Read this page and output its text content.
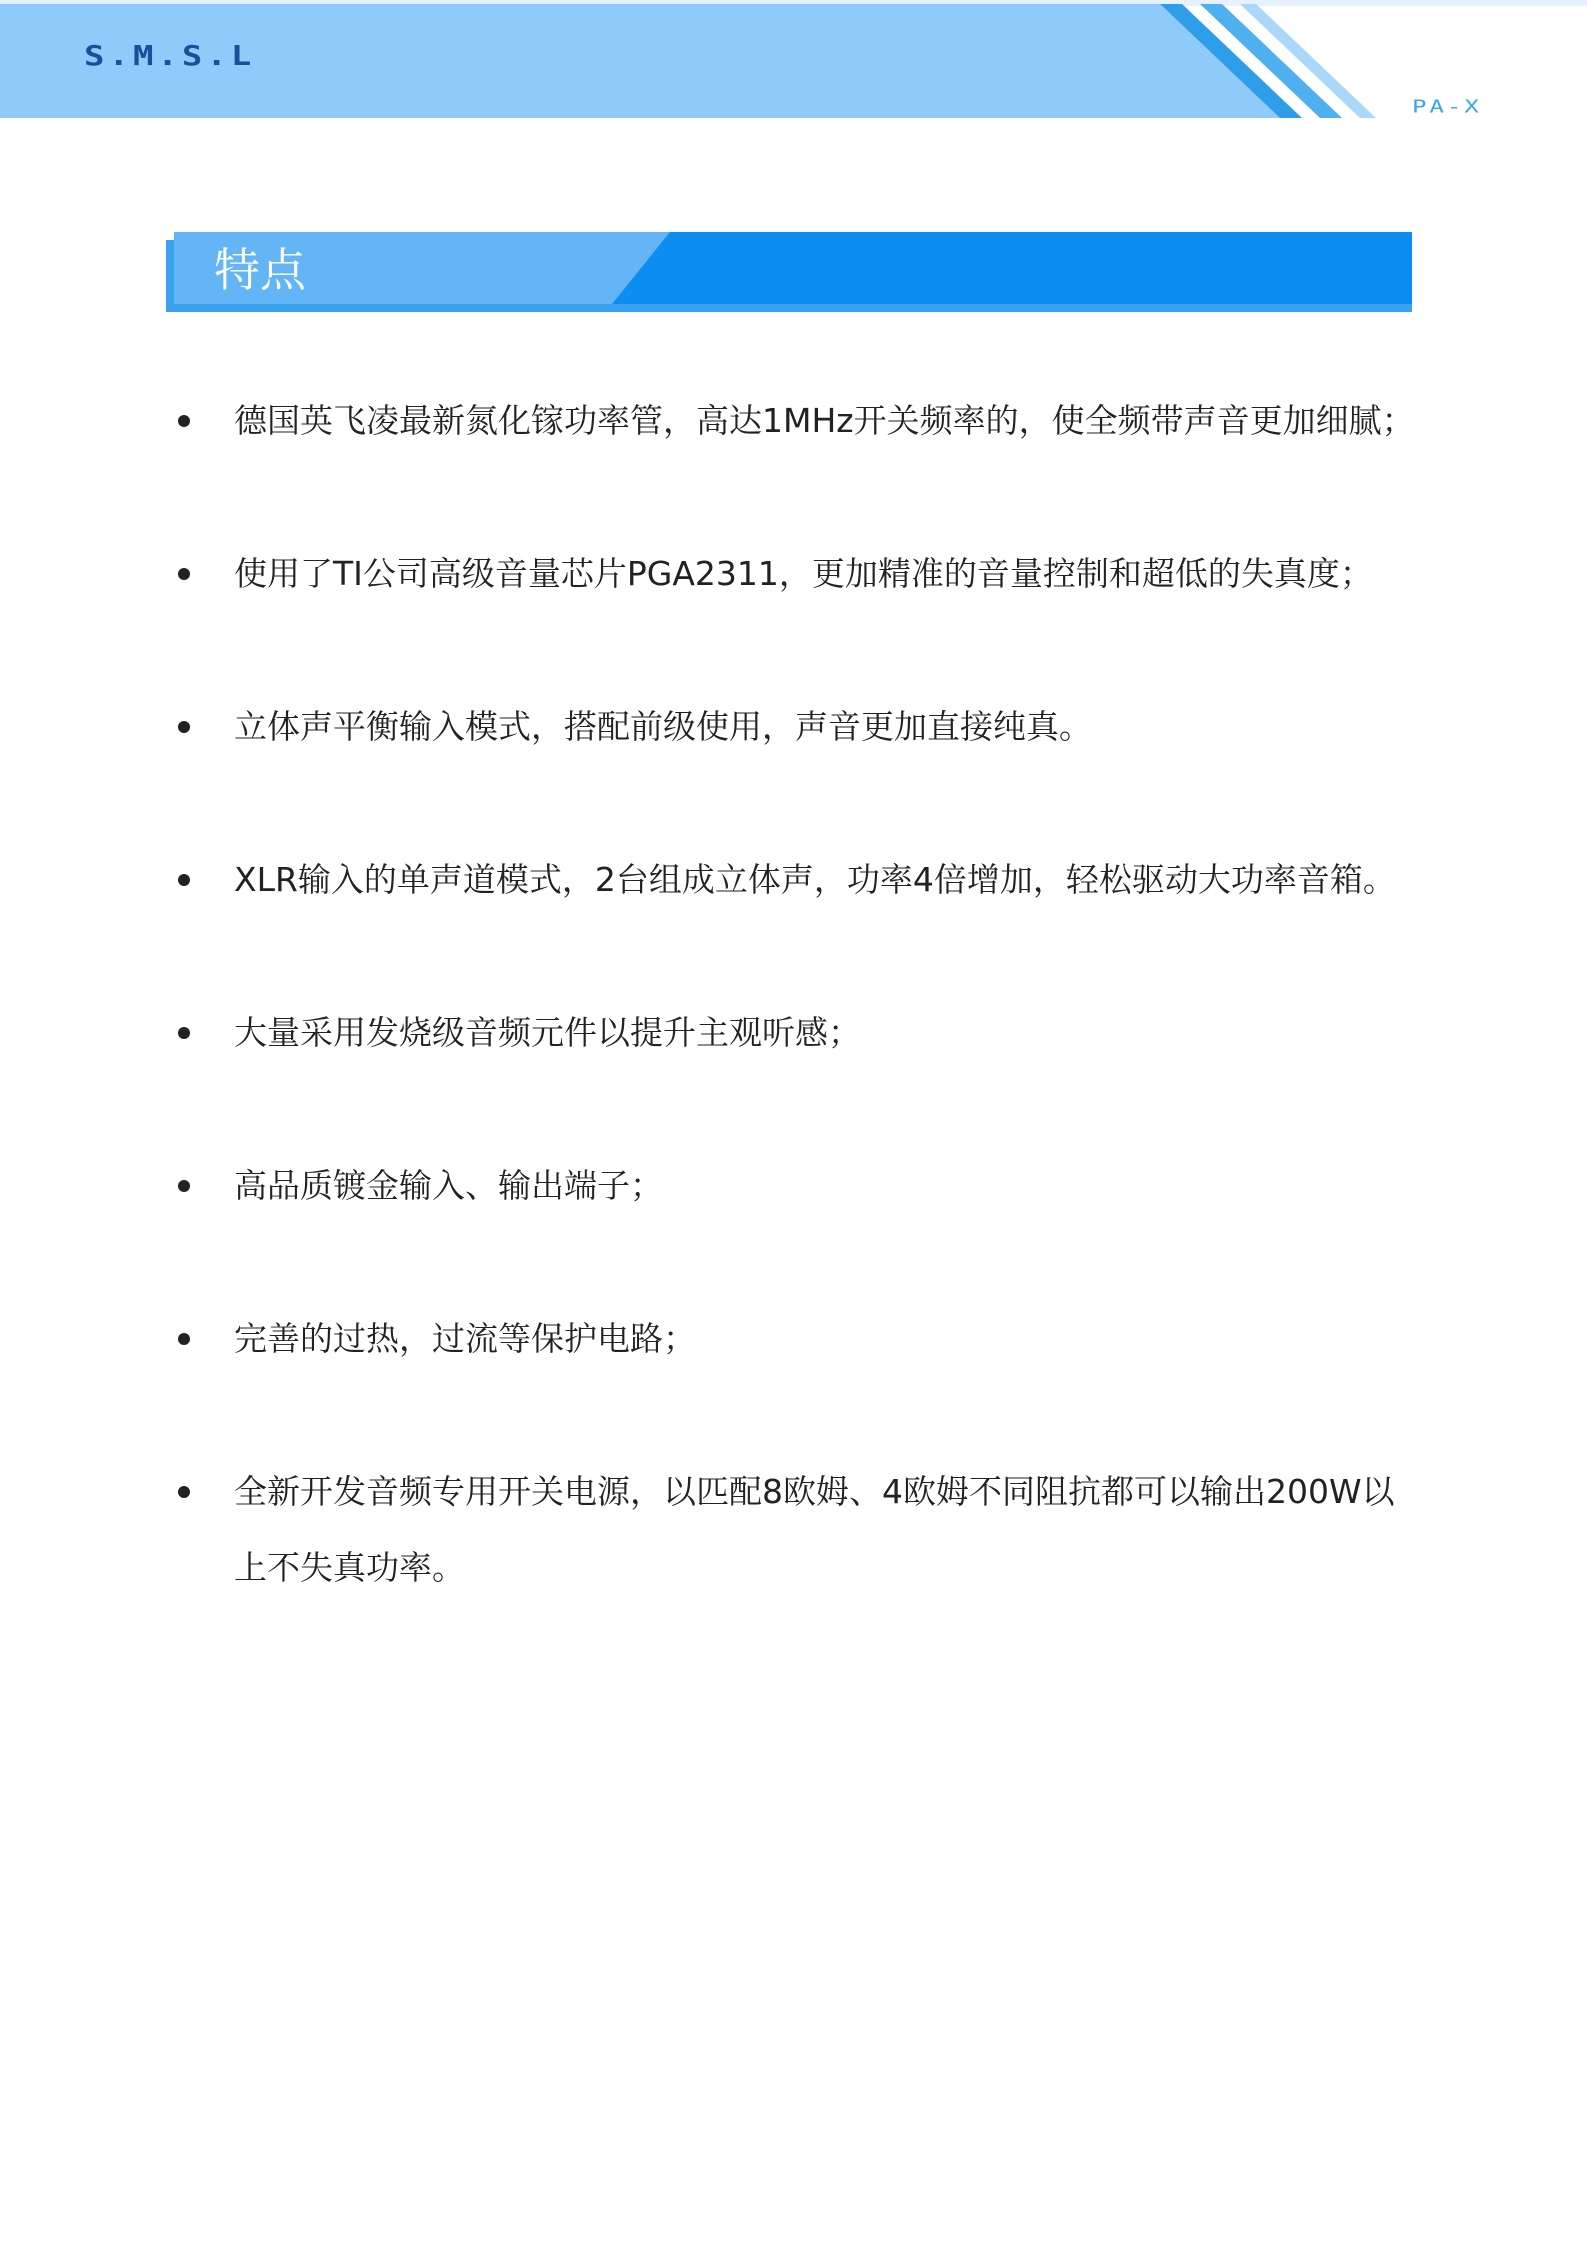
S.M.S.L
PA-X
特点
德国英飞凌最新氮化镓功率管，高达1MHz开关频率的，使全频带声音更加细腻；
使用了TI公司高级音量芯片PGA2311，更加精准的音量控制和超低的失真度；
立体声平衡输入模式，搭配前级使用，声音更加直接纯真。
XLR输入的单声道模式，2台组成立体声，功率4倍增加，轻松驱动大功率音箱。
大量采用发烧级音频元件以提升主观听感；
高品质镀金输入、输出端子；
完善的过热，过流等保护电路；
全新开发音频专用开关电源，以匹配8欧姆、4欧姆不同阻抗都可以输出200W以上不失真功率。
